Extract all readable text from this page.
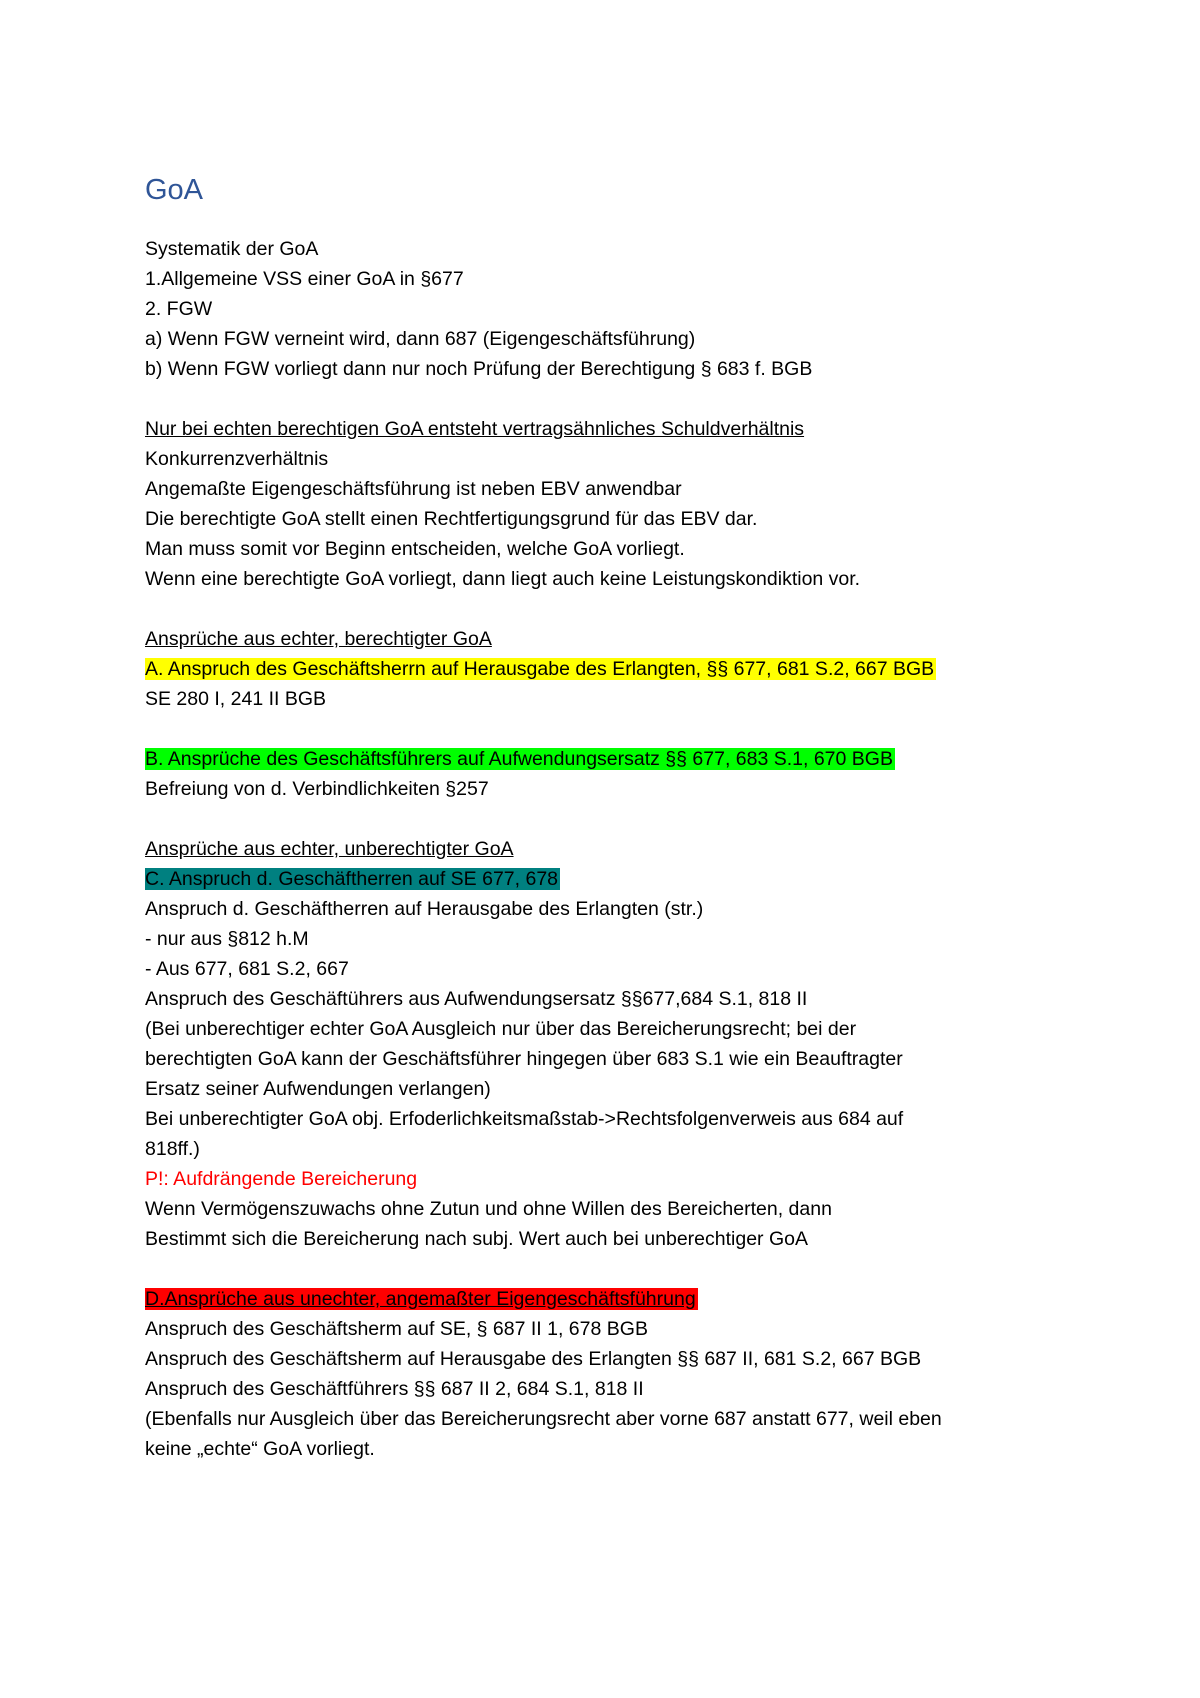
GoA
Systematik der GoA
1.Allgemeine VSS einer GoA in §677
2. FGW
a) Wenn FGW verneint wird, dann 687 (Eigengeschäftsführung)
b) Wenn FGW vorliegt dann nur noch Prüfung der Berechtigung § 683 f. BGB
Nur bei echten berechtigen GoA entsteht vertragsähnliches Schuldverhältnis
Konkurrenzverhältnis
Angemaßte Eigengeschäftsführung ist neben EBV anwendbar
Die berechtigte GoA stellt einen Rechtfertigungsgrund für das EBV dar.
Man muss somit vor Beginn entscheiden, welche GoA vorliegt.
Wenn eine berechtigte GoA vorliegt, dann liegt auch keine Leistungskondiktion vor.
Ansprüche aus echter, berechtigter GoA
A. Anspruch des Geschäftsherrn auf Herausgabe des Erlangten, §§ 677, 681 S.2, 667 BGB
SE 280 I, 241 II BGB
B. Ansprüche des Geschäftsführers auf Aufwendungsersatz §§ 677, 683 S.1, 670 BGB
Befreiung von d. Verbindlichkeiten §257
Ansprüche aus echter, unberechtigter GoA
C. Anspruch d. Geschäftherren auf SE 677, 678
Anspruch d. Geschäftherren auf Herausgabe des Erlangten (str.)
- nur aus §812 h.M
- Aus 677, 681 S.2, 667
Anspruch des Geschäftührers aus Aufwendungsersatz §§677,684 S.1, 818 II
(Bei unberechtiger echter GoA Ausgleich nur über das Bereicherungsrecht; bei der
berechtigten GoA kann der Geschäftsführer hingegen über 683 S.1 wie ein Beauftragter
Ersatz seiner Aufwendungen verlangen)
Bei unberechtigter GoA obj. Erfoderlichkeitsmaßstab->Rechtsfolgenverweis aus 684 auf
818ff.)
P!: Aufdrängende Bereicherung
Wenn Vermögenszuwachs ohne Zutun und ohne Willen des Bereicherten, dann
Bestimmt sich die Bereicherung nach subj. Wert auch bei unberechtiger GoA
D.Ansprüche aus unechter, angemaßter Eigengeschäftsführung
Anspruch des Geschäftsherm auf SE, § 687 II 1, 678 BGB
Anspruch des Geschäftsherm auf Herausgabe des Erlangten §§ 687 II, 681 S.2, 667 BGB
Anspruch des Geschäftführers §§ 687 II 2, 684 S.1, 818 II
(Ebenfalls nur Ausgleich über das Bereicherungsrecht aber vorne 687 anstatt 677, weil eben
keine „echte“ GoA vorliegt.
